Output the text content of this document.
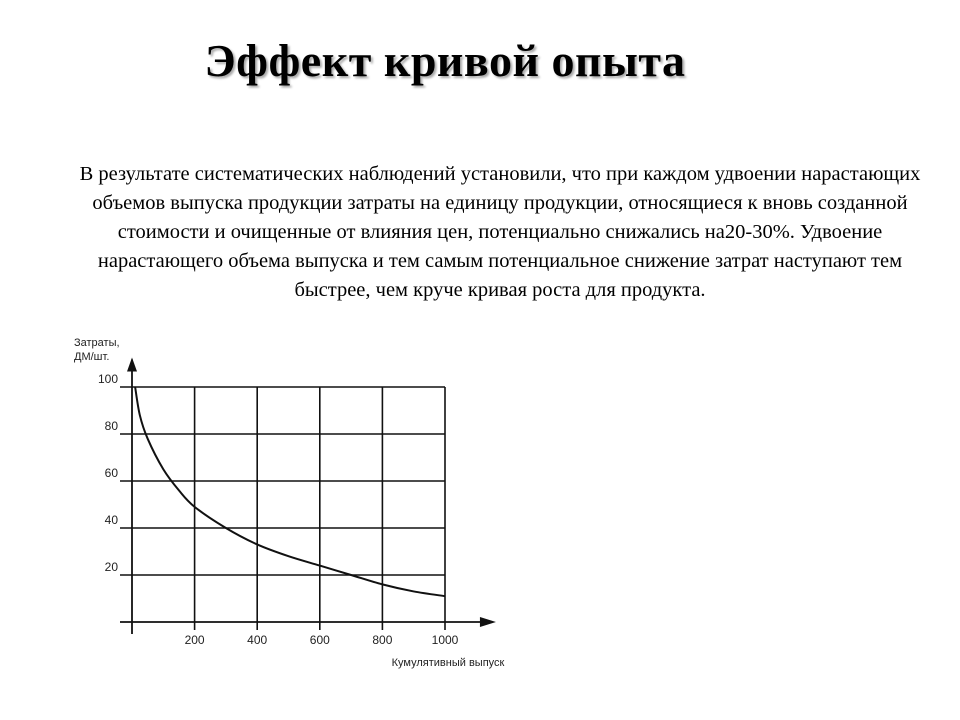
Эффект кривой опыта

В результате систематических наблюдений установили, что при каждом удвоении нарастающих объемов выпуска продукции затраты на единицу продукции, относящиеся к вновь созданной стоимости и очищенные от влияния цен, потенциально снижались на20-30%. Удвоение нарастающего объема выпуска и тем самым потенциальное снижение затрат наступают тем быстрее, чем круче кривая роста для продукта.

20
40
60
80
100
200	400	600	800	1000
Затраты, ДМ/шт.
Кумулятивный выпуск
